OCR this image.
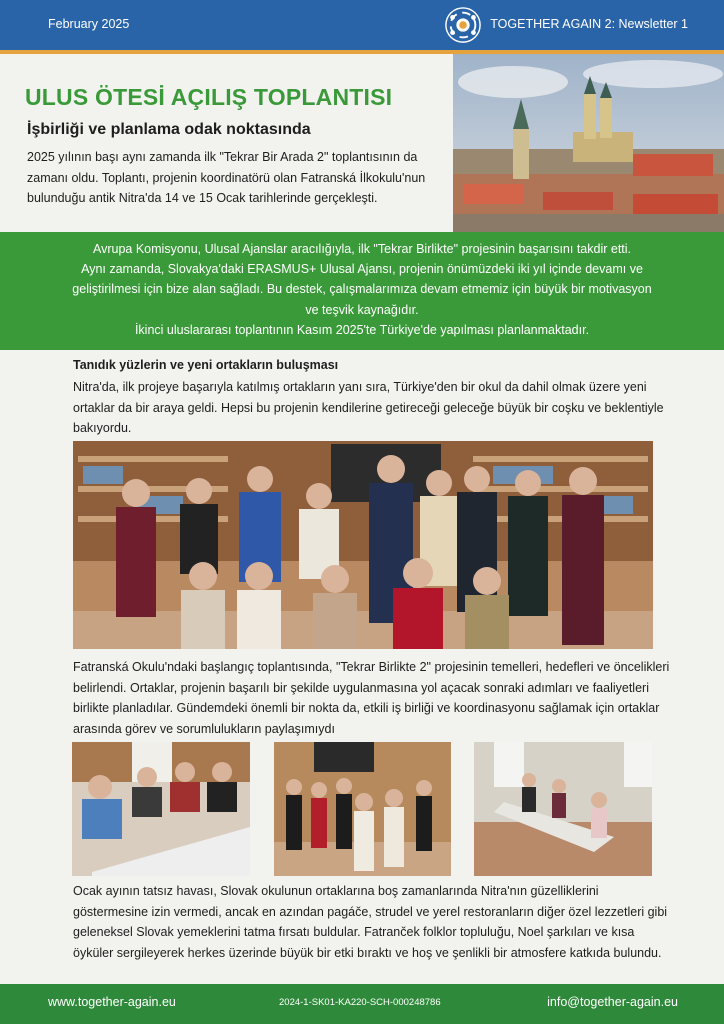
February 2025	TOGETHER AGAIN 2: Newsletter 1
ULUS ÖTESİ AÇILIŞ TOPLANTISI
İşbirliği ve planlama odak noktasında

2025 yılının başı aynı zamanda ilk "Tekrar Bir Arada 2" toplantısının da zamanı oldu. Toplantı, projenin koordinatörü olan Fatranská İlkokulu'nun bulunduğu antik Nitra'da 14 ve 15 Ocak tarihlerinde gerçekleşti.

Avrupa Komisyonu, Ulusal Ajanslar aracılığıyla, ilk "Tekrar Birlikte" projesinin başarısını takdir etti.

Aynı zamanda, Slovakya'daki ERASMUS+ Ulusal Ajansı, projenin önümüzdeki iki yıl içinde devamı ve

geliştirilmesi için bize alan sağladı. Bu destek, çalışmalarımıza devam etmemiz için büyük bir motivasyon

ve teşvik kaynağıdır.

İkinci uluslararası toplantının Kasım 2025'te Türkiye'de yapılması planlanmaktadır.

Tanıdık yüzlerin ve yeni ortakların buluşması

Nitra'da, ilk projeye başarıyla katılmış ortakların yanı sıra, Türkiye'den bir okul da dahil olmak üzere yeni ortaklar da bir araya geldi. Hepsi bu projenin kendilerine getireceği geleceğe büyük bir coşku ve beklentiyle bakıyordu.

Fatranská Okulu'ndaki başlangıç toplantısında, "Tekrar Birlikte 2" projesinin temelleri, hedefleri ve öncelikleri belirlendi. Ortaklar, projenin başarılı bir şekilde uygulanmasına yol açacak sonraki adımları ve faaliyetleri birlikte planladılar. Gündemdeki önemli bir nokta da, etkili iş birliği ve koordinasyonu sağlamak için ortaklar arasında görev ve sorumlulukların paylaşımıydı

Ocak ayının tatsız havası, Slovak okulunun ortaklarına boş zamanlarında Nitra'nın güzelliklerini göstermesine izin vermedi, ancak en azından pagáče, strudel ve yerel restoranların diğer özel lezzetleri gibi geleneksel Slovak yemeklerini tatma fırsatı buldular. Fatranček folklor topluluğu, Noel şarkıları ve kısa öyküler sergileyerek herkes üzerinde büyük bir etki bıraktı ve hoş ve şenlikli bir atmosfere katkıda bulundu.

www.together-again.eu	2024-1-SK01-KA220-SCH-000248786	info@together-again.eu
